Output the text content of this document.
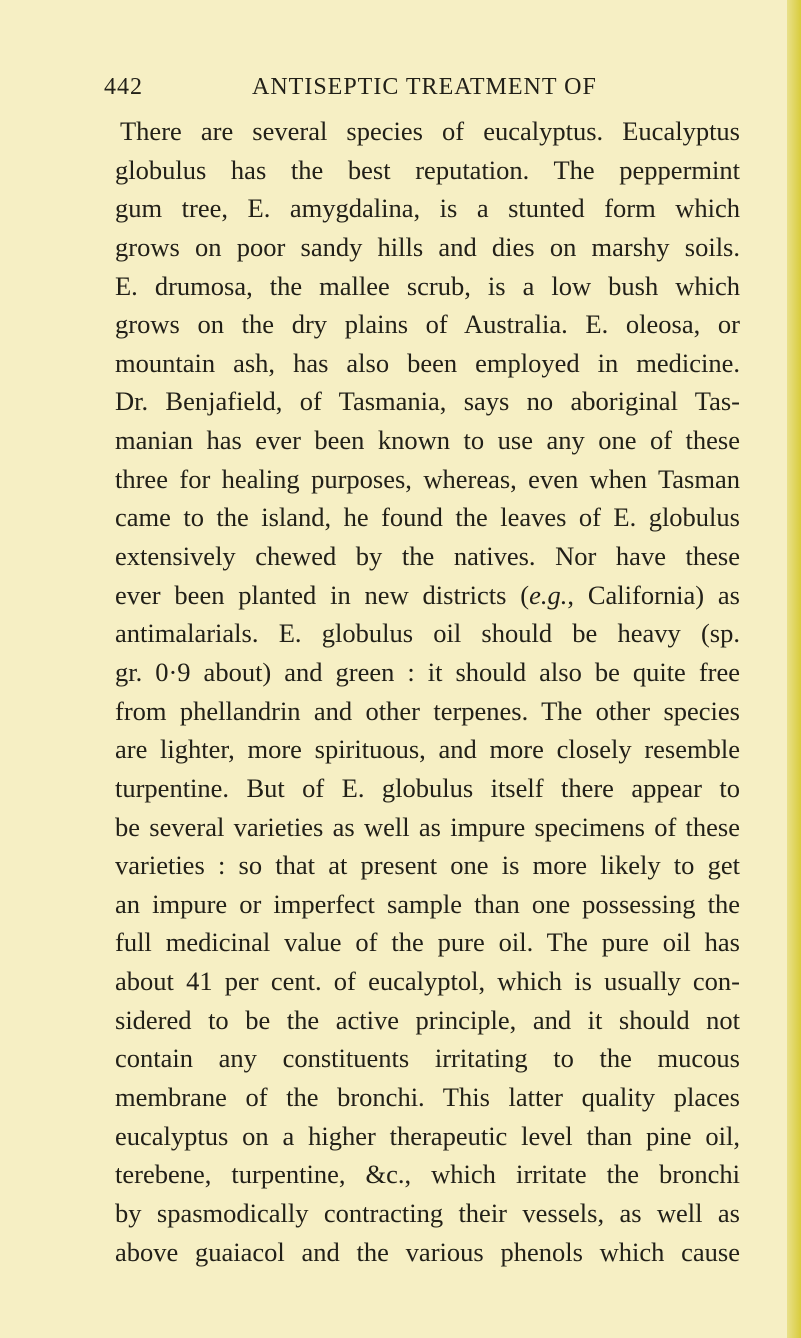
442	ANTISEPTIC TREATMENT OF
There are several species of eucalyptus. Eucalyptus
globulus has the best reputation. The peppermint
gum tree, E. amygdalina, is a stunted form which
grows on poor sandy hills and dies on marshy soils.
E. drumosa, the mallee scrub, is a low bush which
grows on the dry plains of Australia. E. oleosa, or
mountain ash, has also been employed in medicine.
Dr. Benjafield, of Tasmania, says no aboriginal Tas-
manian has ever been known to use any one of these
three for healing purposes, whereas, even when Tasman
came to the island, he found the leaves of E. globulus
extensively chewed by the natives. Nor have these
ever been planted in new districts (e.g., California) as
antimalarials. E. globulus oil should be heavy (sp.
gr. 0·9 about) and green : it should also be quite free
from phellandrin and other terpenes. The other species
are lighter, more spirituous, and more closely resemble
turpentine. But of E. globulus itself there appear to
be several varieties as well as impure specimens of these
varieties : so that at present one is more likely to get
an impure or imperfect sample than one possessing the
full medicinal value of the pure oil. The pure oil has
about 41 per cent. of eucalyptol, which is usually con-
sidered to be the active principle, and it should not
contain any constituents irritating to the mucous
membrane of the bronchi. This latter quality places
eucalyptus on a higher therapeutic level than pine oil,
terebene, turpentine, &c., which irritate the bronchi
by spasmodically contracting their vessels, as well as
above guaiacol and the various phenols which cause
